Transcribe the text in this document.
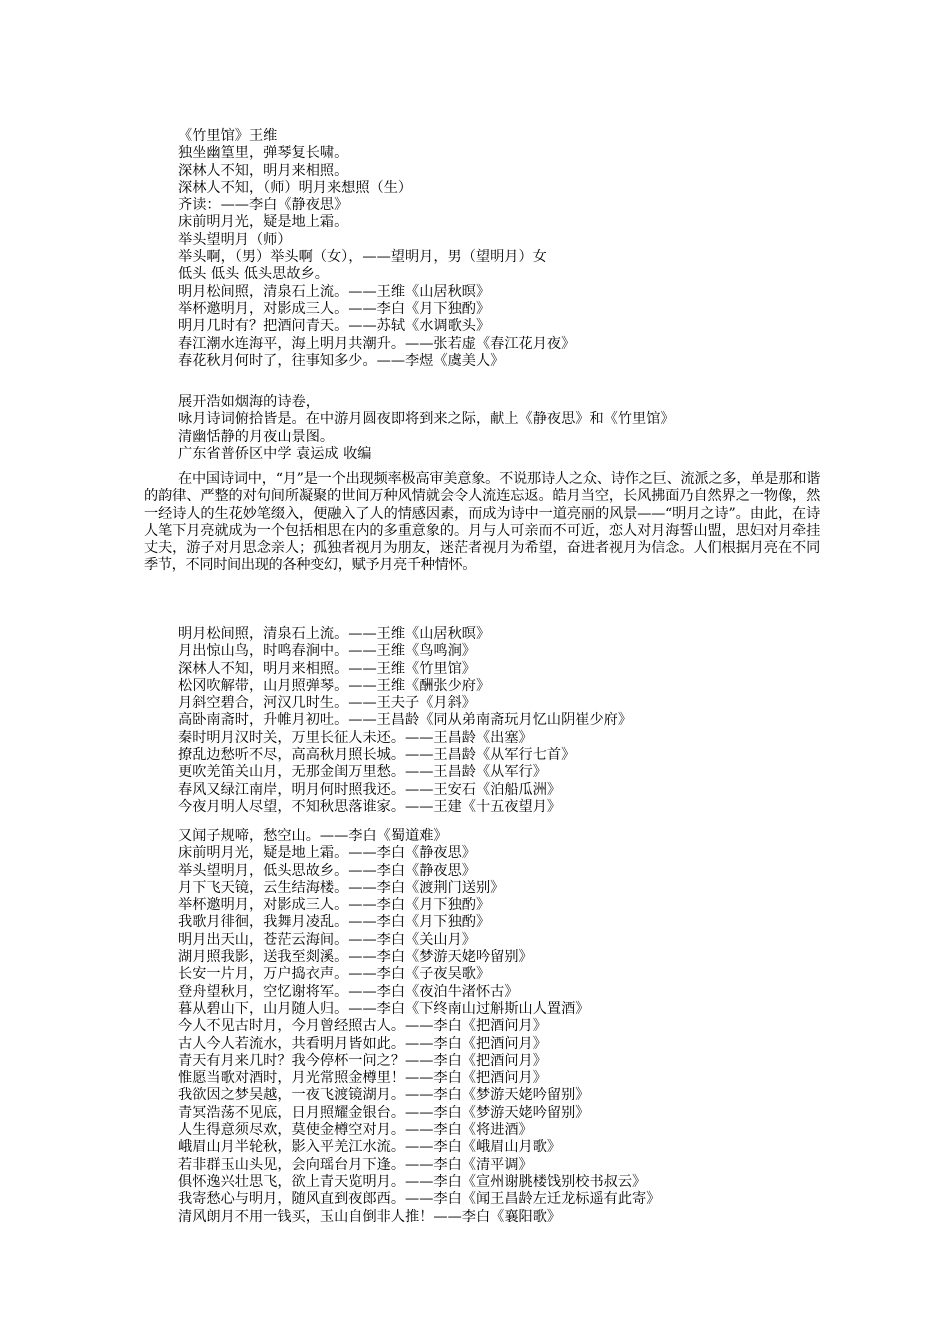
《竹里馆》王维
独坐幽篁里，弹琴复长啸。
深林人不知，明月来相照。
深林人不知，（师）明月来想照（生）
齐读：——李白《静夜思》
床前明月光，疑是地上霜。
举头望明月（师）
举头啊，（男）举头啊（女），——望明月，男（望明月）女
低头 低头 低头思故乡。
明月松间照，清泉石上流。——王维《山居秋暝》
举杯邀明月，对影成三人。——李白《月下独酌》
明月几时有？把酒问青天。——苏轼《水调歌头》
春江潮水连海平，海上明月共潮升。——张若虚《春江花月夜》
春花秋月何时了，往事知多少。——李煜《虞美人》
展开浩如烟海的诗卷，
咏月诗词俯拾皆是。在中游月圆夜即将到来之际，献上《静夜思》和《竹里馆》
清幽恬静的月夜山景图。
广东省普侨区中学 袁运成 收编

在中国诗词中，“月”是一个出现频率极高审美意象。不说那诗人之众、诗作之巨、流派之多，单是那和谐的韵律、严整的对句间所凝聚的世间万种风情就会令人流连忘返。皓月当空，长风拂面乃自然界之一物像，然一经诗人的生花妙笔缀入，便融入了人的情感因素，而成为诗中一道亮丽的风景——“明月之诗”。由此，在诗人笔下月亮就成为一个包括相思在内的多重意象的。月与人可亲而不可近，恋人对月海誓山盟，思妇对月牵挂丈夫，游子对月思念亲人；孤独者视月为朋友，迷茫者视月为希望，奋进者视月为信念。人们根据月亮在不同季节，不同时间出现的各种变幻，赋予月亮千种情怀。

明月松间照，清泉石上流。——王维《山居秋暝》
月出惊山鸟，时鸣春涧中。——王维《鸟鸣涧》
深林人不知，明月来相照。——王维《竹里馆》
松冈吹解带，山月照弹琴。——王维《酬张少府》
月斜空碧合，河汉几时生。——王夫子《月斜》
高卧南斋时，升帷月初吐。——王昌龄《同从弟南斋玩月忆山阴崔少府》
秦时明月汉时关，万里长征人未还。——王昌龄《出塞》
撩乱边愁听不尽，高高秋月照长城。——王昌龄《从军行七首》
更吹羌笛关山月，无那金闺万里愁。——王昌龄《从军行》
春风又绿江南岸，明月何时照我还。——王安石《泊船瓜洲》
今夜月明人尽望，不知秋思落谁家。——王建《十五夜望月》
又闻子规啼，愁空山。——李白《蜀道难》
床前明月光，疑是地上霜。——李白《静夜思》
举头望明月，低头思故乡。——李白《静夜思》
月下飞天镜，云生结海楼。——李白《渡荆门送别》
举杯邀明月，对影成三人。——李白《月下独酌》
我歌月徘徊，我舞月凌乱。——李白《月下独酌》
明月出天山，苍茫云海间。——李白《关山月》
湖月照我影，送我至剡溪。——李白《梦游天姥吟留别》
长安一片月，万户捣衣声。——李白《子夜吴歌》
登舟望秋月，空忆谢将军。——李白《夜泊牛渚怀古》
暮从碧山下，山月随人归。——李白《下终南山过斛斯山人置酒》
今人不见古时月，今月曾经照古人。——李白《把酒问月》
古人今人若流水，共看明月皆如此。——李白《把酒问月》
青天有月来几时？我今停杯一问之？——李白《把酒问月》
惟愿当歌对酒时，月光常照金樽里！——李白《把酒问月》
我欲因之梦吴越，一夜飞渡镜湖月。——李白《梦游天姥吟留别》
青冥浩荡不见底，日月照耀金银台。——李白《梦游天姥吟留别》
人生得意须尽欢，莫使金樽空对月。——李白《将进酒》
峨眉山月半轮秋，影入平羌江水流。——李白《峨眉山月歌》
若非群玉山头见，会向瑶台月下逢。——李白《清平调》
俱怀逸兴壮思飞，欲上青天览明月。——李白《宣州谢朓楼饯别校书叔云》
我寄愁心与明月，随风直到夜郎西。——李白《闻王昌龄左迁龙标遥有此寄》
清风朗月不用一钱买，玉山自倒非人推！——李白《襄阳歌》
